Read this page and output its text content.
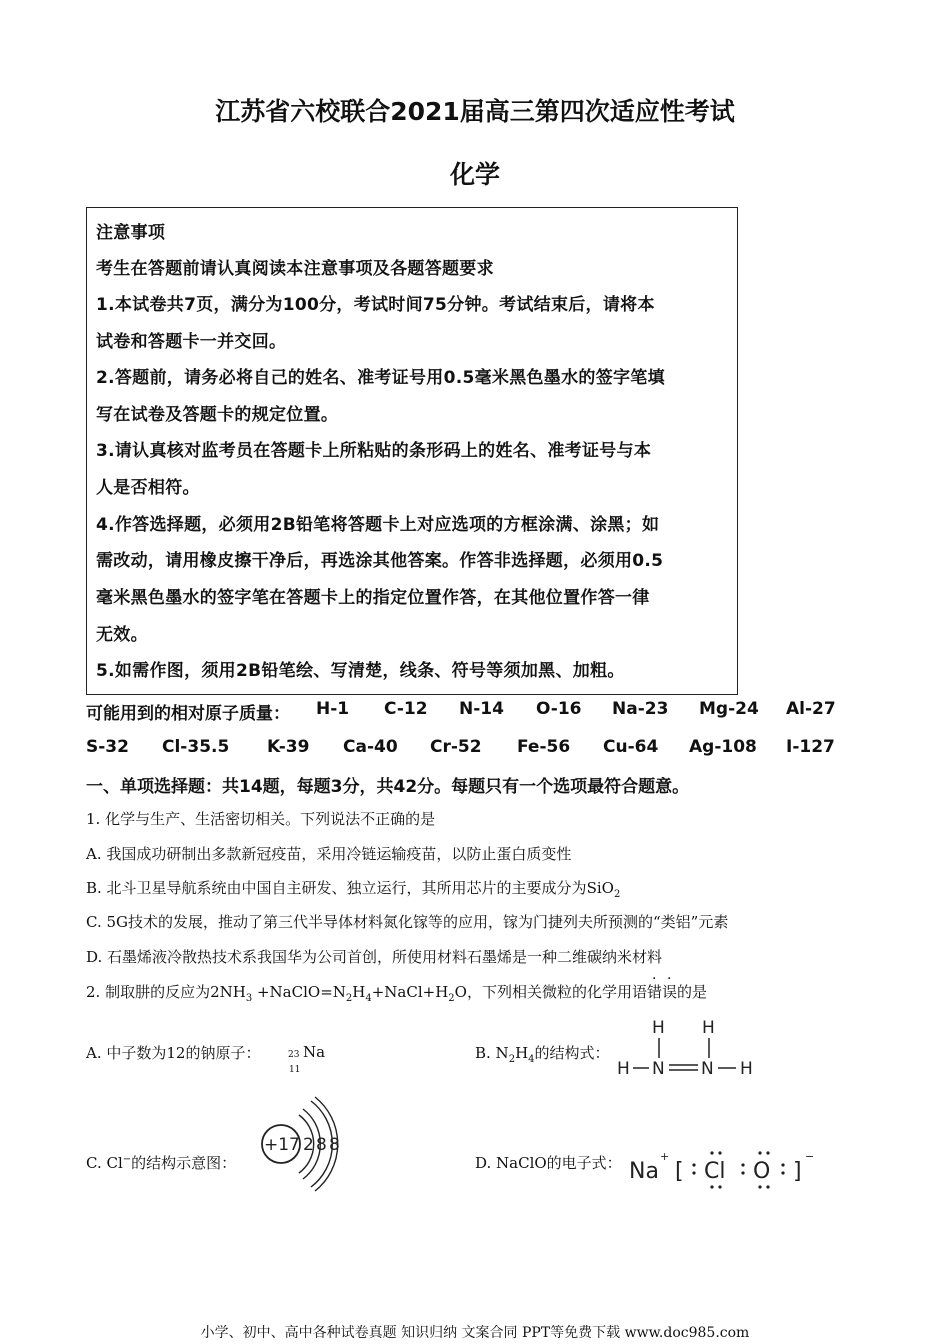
江苏省六校联合2021届高三第四次适应性考试
化学
注意事项
考生在答题前请认真阅读本注意事项及各题答题要求
1.本试卷共7页，满分为100分，考试时间75分钟。考试结束后，请将本
试卷和答题卡一并交回。
2.答题前，请务必将自己的姓名、准考证号用0.5毫米黑色墨水的签字笔填
写在试卷及答题卡的规定位置。
3.请认真核对监考员在答题卡上所粘贴的条形码上的姓名、准考证号与本
人是否相符。
4.作答选择题，必须用2B铅笔将答题卡上对应选项的方框涂满、涂黑；如
需改动，请用橡皮擦干净后，再选涂其他答案。作答非选择题，必须用0.5
毫米黑色墨水的签字笔在答题卡上的指定位置作答，在其他位置作答一律
无效。
5.如需作图，须用2B铅笔绘、写清楚，线条、符号等须加黑、加粗。
可能用到的相对原子质量： H-1 C-12 N-14 O-16 Na-23 Mg-24 Al-27
S-32 Cl-35.5 K-39 Ca-40 Cr-52 Fe-56 Cu-64 Ag-108 I-127
一、单项选择题：共14题，每题3分，共42分。每题只有一个选项最符合题意。
1. 化学与生产、生活密切相关。下列说法不正确的是
A. 我国成功研制出多款新冠疫苗，采用冷链运输疫苗，以防止蛋白质变性
B. 北斗卫星导航系统由中国自主研发、独立运行，其所用芯片的主要成分为SiO$_2$
C. 5G技术的发展，推动了第三代半导体材料氮化镓等的应用，镓为门捷列夫所预测的“类铝”元素
D. 石墨烯液冷散热技术系我国华为公司首创，所使用材料石墨烯是一种二维碳纳米材料
2. 制取肼的反应为$2NH_3$ $+NaClO=N_2H_4+NaCl+H_2O$，下列相关微粒的化学用语错误的是
A. 中子数为12的钠原子：	23
11
Na	B. $N_2H_4$的结构式：
H H
H N N H
C. Cl−的结构示意图：
+17 2 8 8
D. NaClO的电子式： Na
+
[ Cl O ]
−
小学、初中、高中各种试卷真题 知识归纳 文案合同 PPT等免费下载 www.doc985.com
